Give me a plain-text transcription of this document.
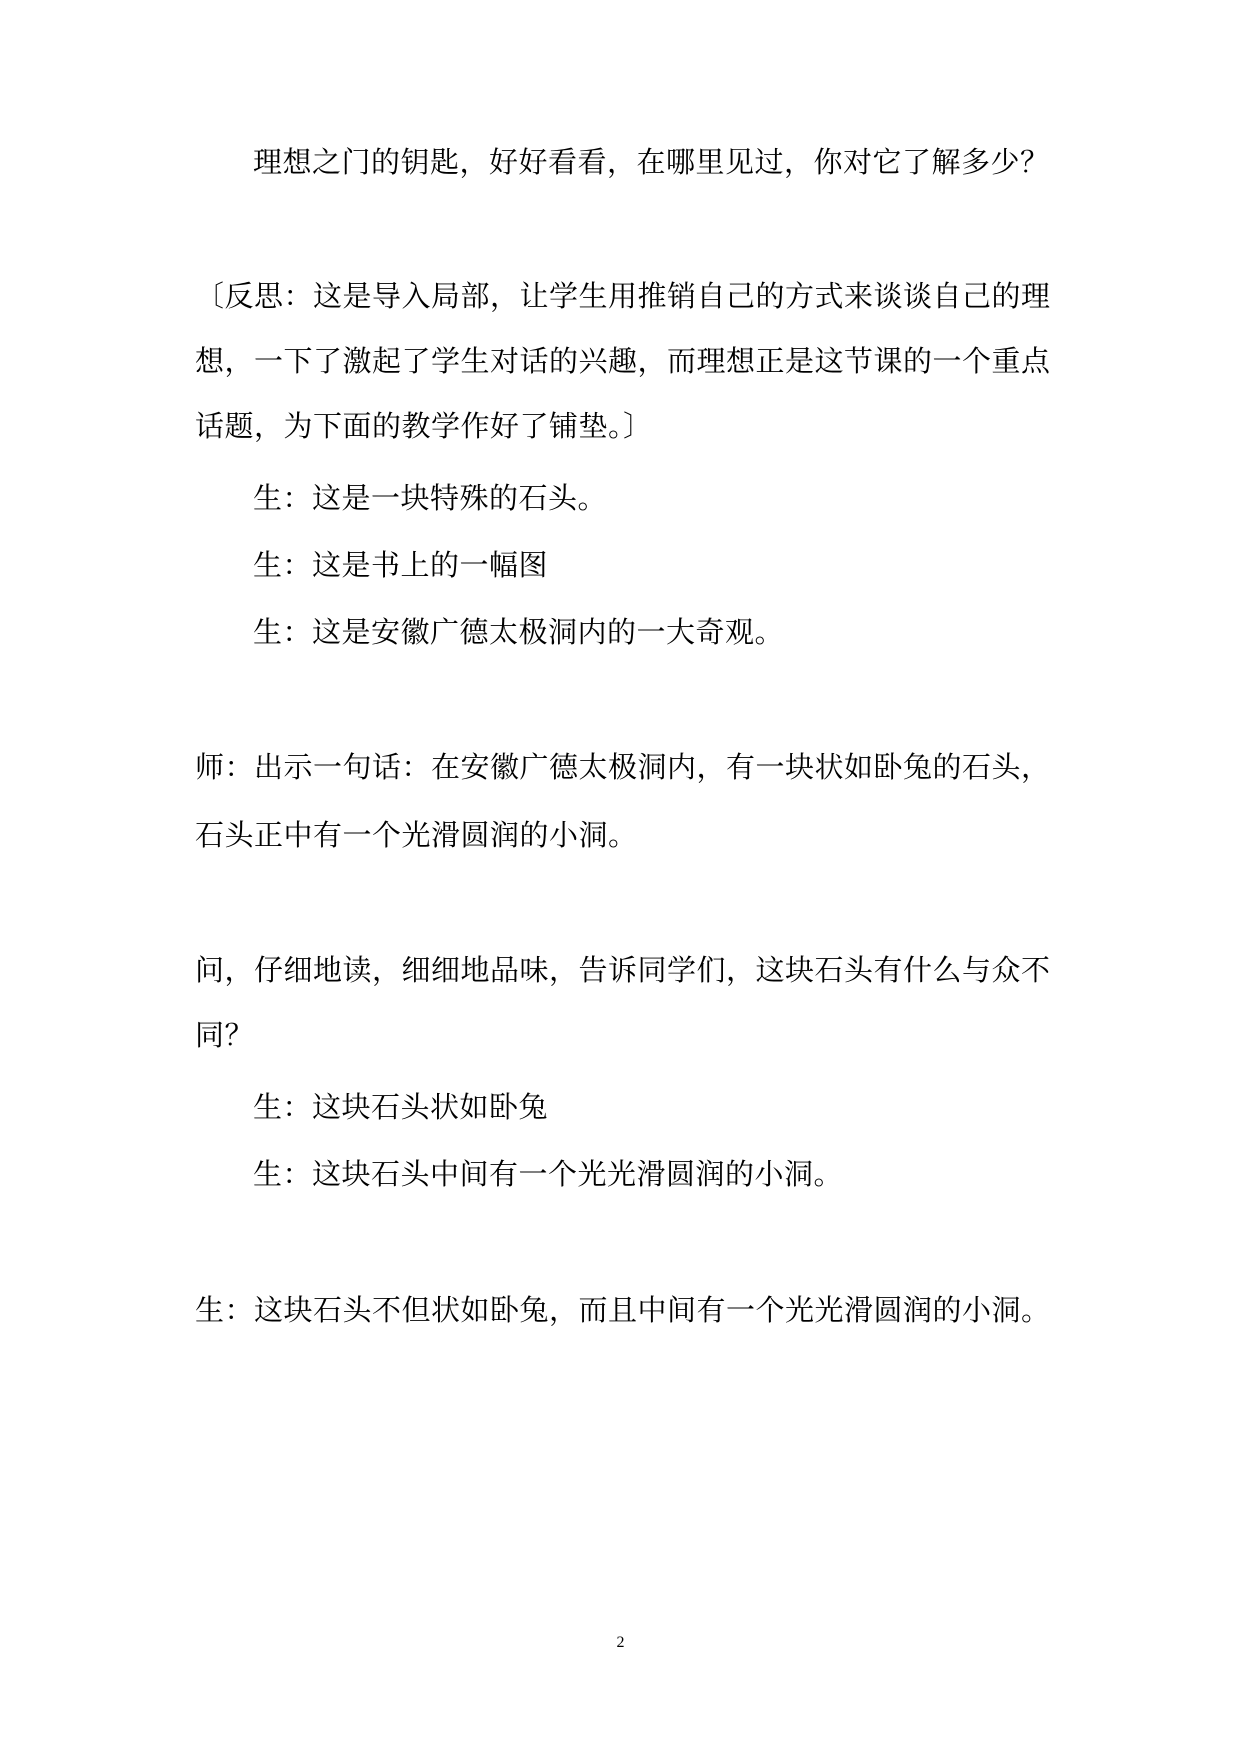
理想之门的钥匙，好好看看，在哪里见过，你对它了解多少？
〔反思：这是导入局部，让学生用推销自己的方式来谈谈自己的理
想，一下了激起了学生对话的兴趣，而理想正是这节课的一个重点
话题，为下面的教学作好了铺垫。〕
生：这是一块特殊的石头。
生：这是书上的一幅图
生：这是安徽广德太极洞内的一大奇观。
师：出示一句话：在安徽广德太极洞内，有一块状如卧兔的石头，
石头正中有一个光滑圆润的小洞。
问，仔细地读，细细地品味，告诉同学们，这块石头有什么与众不
同？
生：这块石头状如卧兔
生：这块石头中间有一个光光滑圆润的小洞。
生：这块石头不但状如卧兔，而且中间有一个光光滑圆润的小洞。
2
